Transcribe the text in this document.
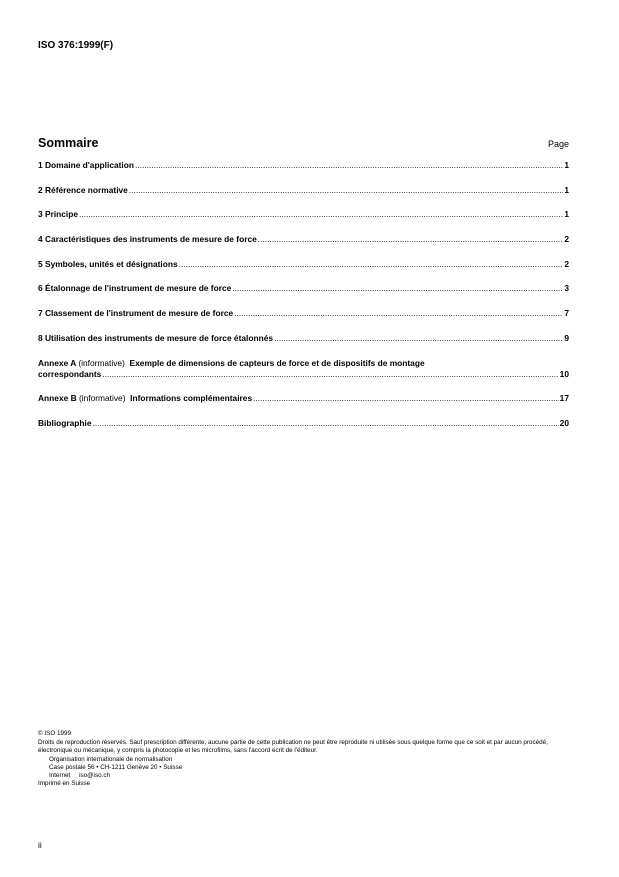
ISO 376:1999(F)
Sommaire	Page
1 Domaine d'application .....	1
2 Référence normative .....	1
3 Principe .....	1
4 Caractéristiques des instruments de mesure de force .....	2
5 Symboles, unités et désignations .....	2
6 Étalonnage de l'instrument de mesure de force .....	3
7 Classement de l'instrument de mesure de force .....	7
8 Utilisation des instruments de mesure de force étalonnés .....	9
Annexe A (informative) Exemple de dimensions de capteurs de force et de dispositifs de montage
correspondants .....	10
Annexe B
(informative)
Informations complémentaires .....	17
Bibliographie .....	20
© ISO 1999
Droits de reproduction réservés. Sauf prescription différente, aucune partie de cette publication ne peut être reproduite ni utilisée sous quelque forme que ce soit et par aucun procédé, électronique ou mécanique, y compris la photocopie et les microfilms, sans l'accord écrit de l'éditeur.
Organisation internationale de normalisation
Case postale 56 • CH-1211 Genève 20 • Suisse
Internet iso@iso.ch
Imprimé en Suisse
ii
